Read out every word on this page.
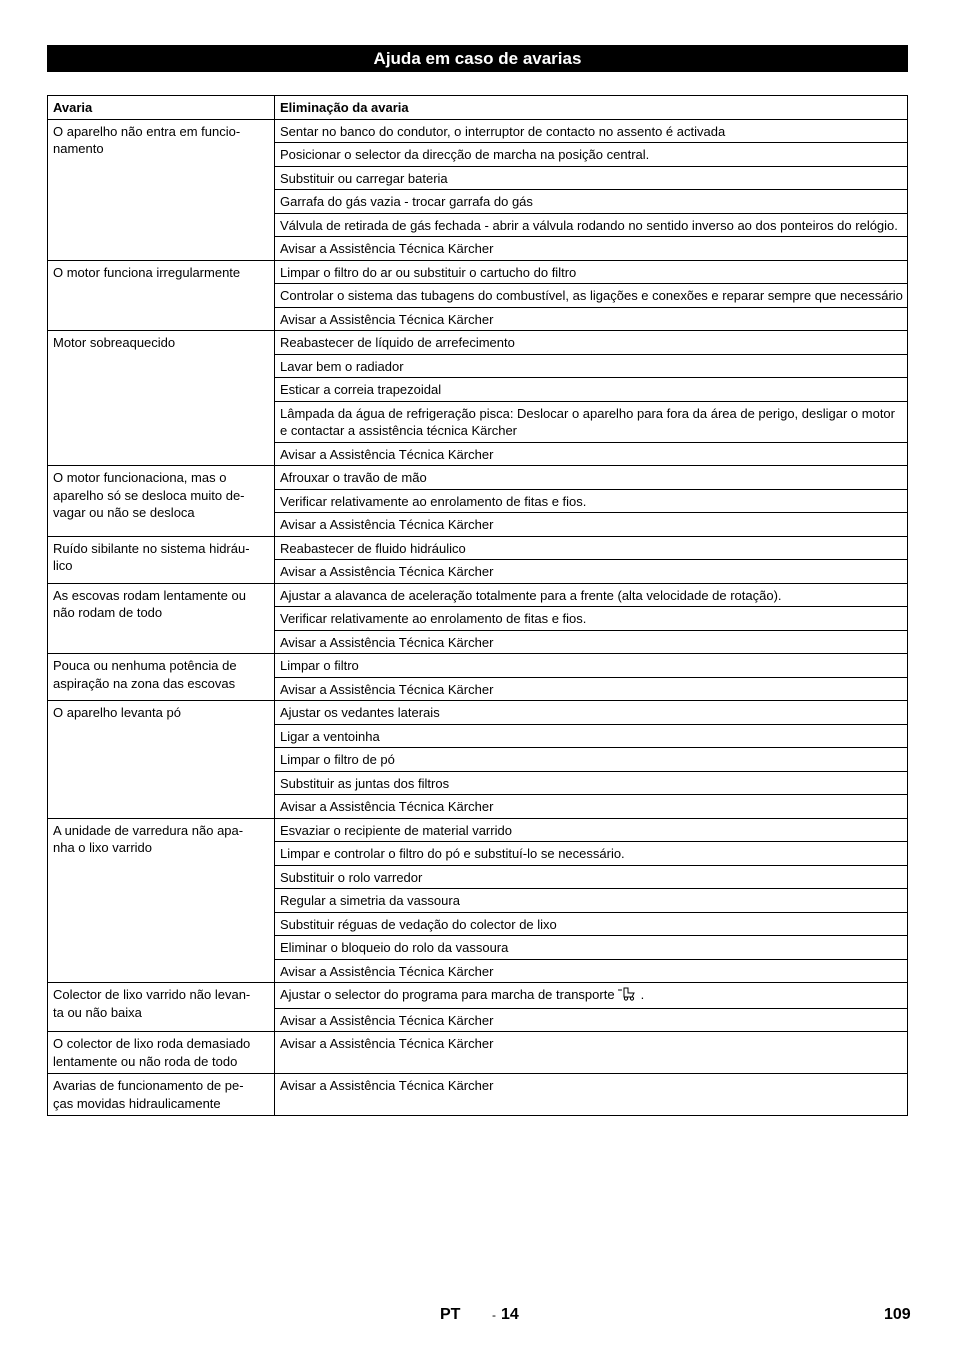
Ajuda em caso de avarias
Avaria	Eliminação da avaria
O aparelho não entra em funcio-
namento	Sentar no banco do condutor, o interruptor de contacto no assento é activada
	Posicionar o selector da direcção de marcha na posição central.
	Substituir ou carregar bateria
	Garrafa do gás vazia - trocar garrafa do gás
	Válvula de retirada de gás fechada - abrir a válvula rodando no sentido inverso ao dos ponteiros do relógio.
	Avisar a Assistência Técnica Kärcher
O motor funciona irregularmente	Limpar o filtro do ar ou substituir o cartucho do filtro
	Controlar o sistema das tubagens do combustível, as ligações e conexões e reparar sempre que necessário
	Avisar a Assistência Técnica Kärcher
Motor sobreaquecido	Reabastecer de líquido de arrefecimento
	Lavar bem o radiador
	Esticar a correia trapezoidal
	Lâmpada da água de refrigeração pisca: Deslocar o aparelho para fora da área de perigo, desligar o motor e contactar a assistência técnica Kärcher
	Avisar a Assistência Técnica Kärcher
O motor funcionaciona, mas o
aparelho só se desloca muito de-
vagar ou não se desloca	Afrouxar o travão de mão
	Verificar relativamente ao enrolamento de fitas e fios.
	Avisar a Assistência Técnica Kärcher
Ruído sibilante no sistema hidráu-
lico	Reabastecer de fluido hidráulico
	Avisar a Assistência Técnica Kärcher
As escovas rodam lentamente ou
não rodam de todo	Ajustar a alavanca de aceleração totalmente para a frente (alta velocidade de rotação).
	Verificar relativamente ao enrolamento de fitas e fios.
	Avisar a Assistência Técnica Kärcher
Pouca ou nenhuma potência de
aspiração na zona das escovas	Limpar o filtro
	Avisar a Assistência Técnica Kärcher
O aparelho levanta pó	Ajustar os vedantes laterais
	Ligar a ventoinha
	Limpar o filtro de pó
	Substituir as juntas dos filtros
	Avisar a Assistência Técnica Kärcher
A unidade de varredura não apa-
nha o lixo varrido	Esvaziar o recipiente de material varrido
	Limpar e controlar o filtro do pó e substituí-lo se necessário.
	Substituir o rolo varredor
	Regular a simetria da vassoura
	Substituir réguas de vedação do colector de lixo
	Eliminar o bloqueio do rolo da vassoura
	Avisar a Assistência Técnica Kärcher
Colector de lixo varrido não levan-
ta ou não baixa	Ajustar o selector do programa para marcha de transporte .
	Avisar a Assistência Técnica Kärcher
O colector de lixo roda demasiado
lentamente ou não roda de todo	Avisar a Assistência Técnica Kärcher
Avarias de funcionamento de pe-
ças movidas hidraulicamente	Avisar a Assistência Técnica Kärcher
PT	- 14	109
